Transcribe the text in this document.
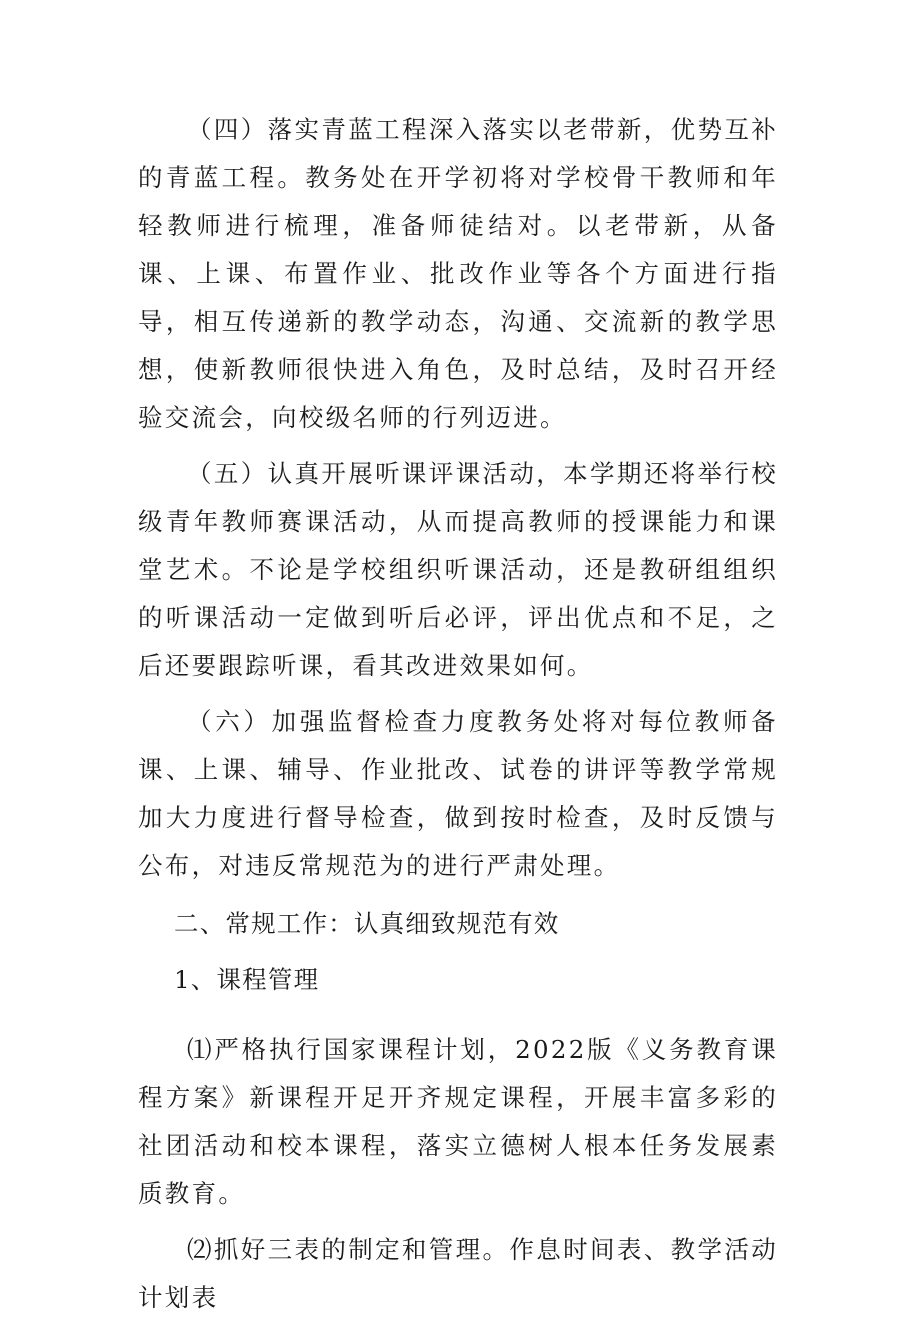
（四）落实青蓝工程深入落实以老带新，优势互补的青蓝工程。教务处在开学初将对学校骨干教师和年轻教师进行梳理，准备师徒结对。以老带新，从备课、上课、布置作业、批改作业等各个方面进行指导，相互传递新的教学动态，沟通、交流新的教学思想，使新教师很快进入角色，及时总结，及时召开经验交流会，向校级名师的行列迈进。

（五）认真开展听课评课活动，本学期还将举行校级青年教师赛课活动，从而提高教师的授课能力和课堂艺术。不论是学校组织听课活动，还是教研组组织的听课活动一定做到听后必评，评出优点和不足，之后还要跟踪听课，看其改进效果如何。

（六）加强监督检查力度教务处将对每位教师备课、上课、辅导、作业批改、试卷的讲评等教学常规加大力度进行督导检查，做到按时检查，及时反馈与公布，对违反常规范为的进行严肃处理。

二、常规工作：认真细致规范有效

1、课程管理

⑴严格执行国家课程计划，2022版《义务教育课程方案》新课程开足开齐规定课程，开展丰富多彩的社团活动和校本课程，落实立德树人根本任务发展素质教育。

⑵抓好三表的制定和管理。作息时间表、教学活动计划表
